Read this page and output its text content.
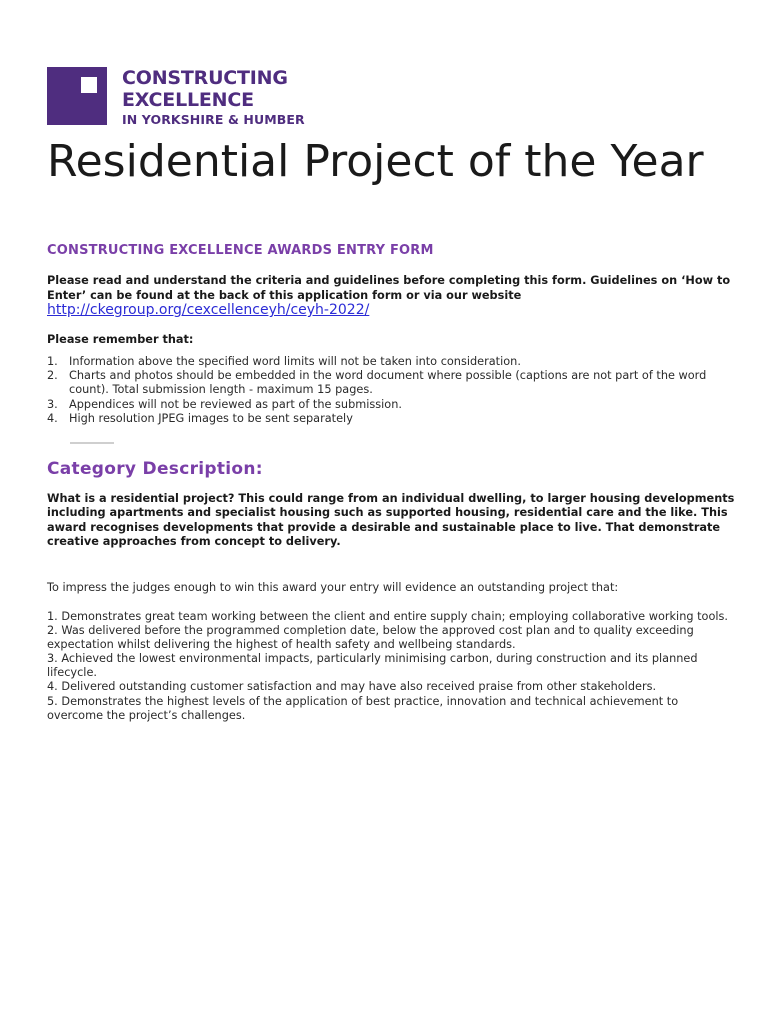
CONSTRUCTING
EXCELLENCE
IN YORKSHIRE & HUMBER
Residential Project of the Year
CONSTRUCTING EXCELLENCE AWARDS ENTRY FORM
Please read and understand the criteria and guidelines before completing this form. Guidelines on ‘How to Enter’ can be found at the back of this application form or via our website http://ckegroup.org/cexcellenceyh/ceyh-2022/
Please remember that:
1. Information above the specified word limits will not be taken into consideration.
2. Charts and photos should be embedded in the word document where possible (captions are not part of the word count). Total submission length - maximum 15 pages.
3. Appendices will not be reviewed as part of the submission.
4. High resolution JPEG images to be sent separately
Category Description:
What is a residential project? This could range from an individual dwelling, to larger housing developments including apartments and specialist housing such as supported housing, residential care and the like. This award recognises developments that provide a desirable and sustainable place to live. That demonstrate creative approaches from concept to delivery.
To impress the judges enough to win this award your entry will evidence an outstanding project that:

1. Demonstrates great team working between the client and entire supply chain; employing collaborative working tools.

2. Was delivered before the programmed completion date, below the approved cost plan and to quality exceeding expectation whilst delivering the highest of health safety and wellbeing standards.

3. Achieved the lowest environmental impacts, particularly minimising carbon, during construction and its planned lifecycle.

4. Delivered outstanding customer satisfaction and may have also received praise from other stakeholders.

5. Demonstrates the highest levels of the application of best practice, innovation and technical achievement to overcome the project’s challenges.
